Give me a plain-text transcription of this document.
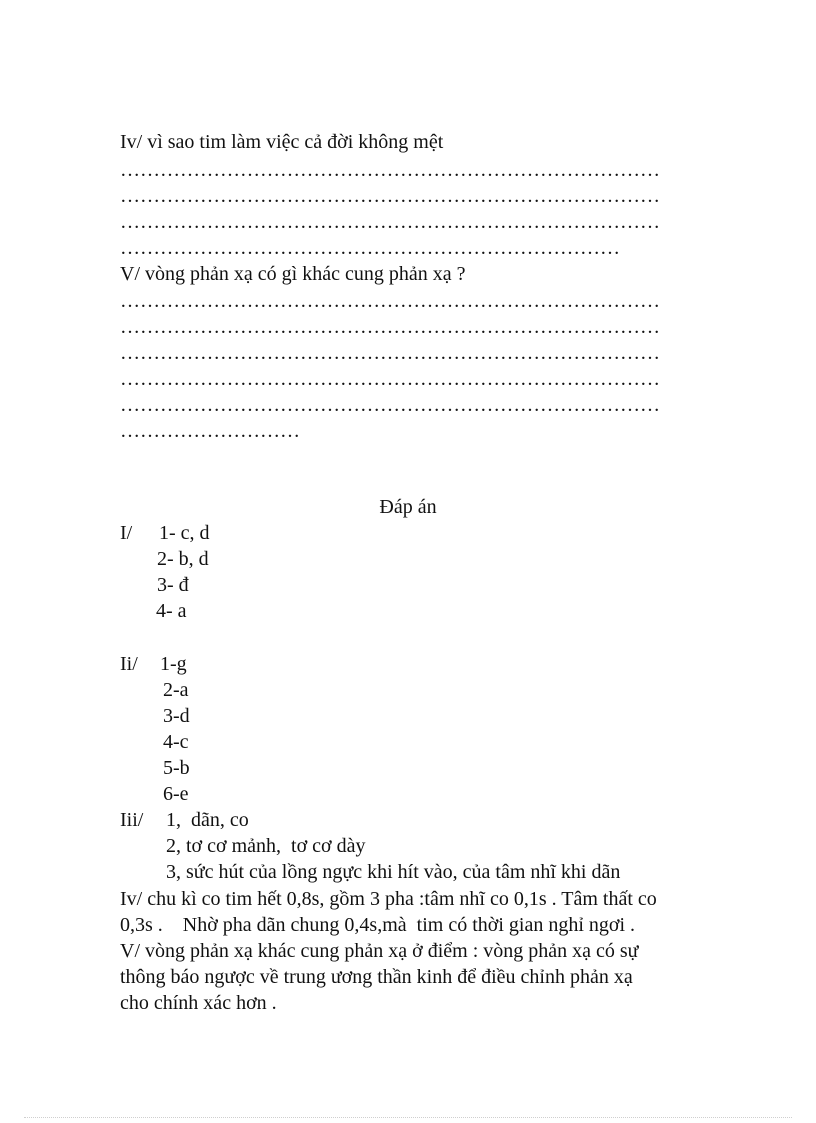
Iv/ vì sao tim làm việc cả đời không mệt
………………………………………………………………………
………………………………………………………………………
………………………………………………………………………
…………………………………………………………………
V/ vòng phản xạ có gì khác cung phản xạ ?
………………………………………………………………………
………………………………………………………………………
………………………………………………………………………
………………………………………………………………………
………………………………………………………………………
………………………
Đáp án
I/ 1- c, d
2- b, d
3- đ
4- a
Ii/ 1-g
2-a
3-d
4-c
5-b
6-e
Iii/ 1,  dãn, co
2, tơ cơ mảnh,  tơ cơ dày
3, sức hút của lồng ngực khi hít vào, của tâm nhĩ khi dãn
Iv/ chu kì co tim hết 0,8s, gồm 3 pha :tâm nhĩ co 0,1s . Tâm thất co
0,3s .    Nhờ pha dãn chung 0,4s,mà  tim có thời gian nghỉ ngơi .
V/ vòng phản xạ khác cung phản xạ ở điểm : vòng phản xạ có sự
thông báo ngược về trung ương thần kinh để điều chỉnh phản xạ
cho chính xác hơn .
